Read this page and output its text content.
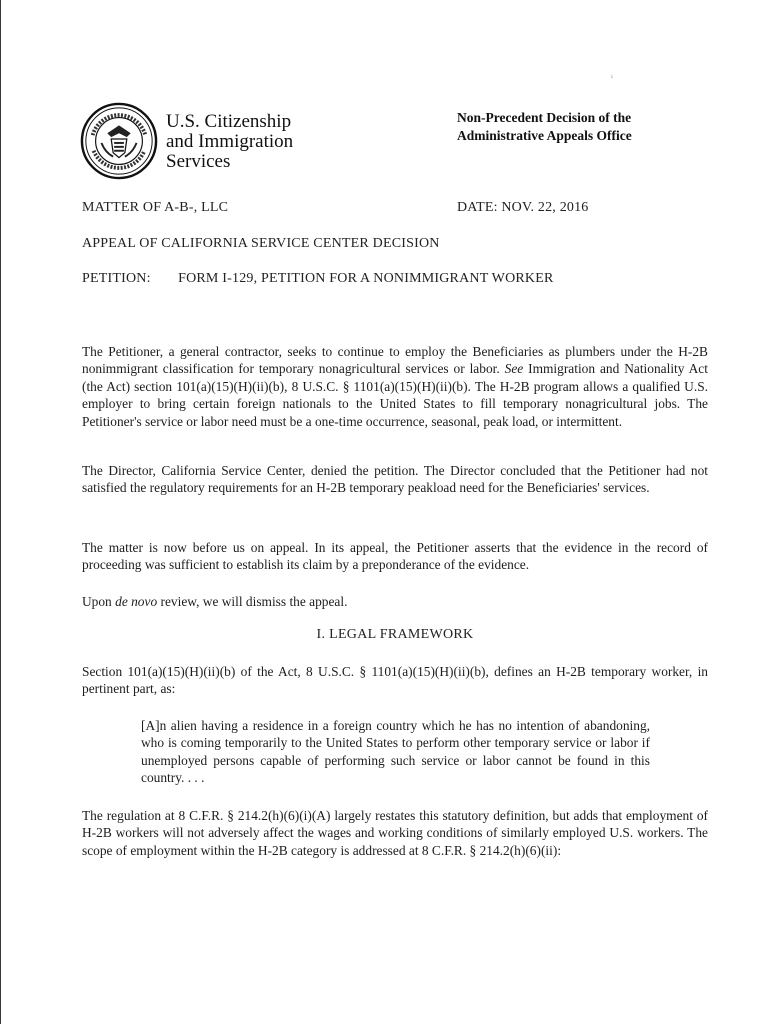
ⁱ
U.S. Citizenship
and Immigration
Services
Non-Precedent Decision of the
Administrative Appeals Office
MATTER OF A-B-, LLC	DATE: NOV. 22, 2016
APPEAL OF CALIFORNIA SERVICE CENTER DECISION
PETITION: FORM I-129, PETITION FOR A NONIMMIGRANT WORKER

The Petitioner, a general contractor, seeks to continue to employ the Beneficiaries as plumbers under the H-2B nonimmigrant classification for temporary nonagricultural services or labor. See Immigration and Nationality Act (the Act) section 101(a)(15)(H)(ii)(b), 8 U.S.C. § 1101(a)(15)(H)(ii)(b). The H-2B program allows a qualified U.S. employer to bring certain foreign nationals to the United States to fill temporary nonagricultural jobs. The Petitioner's service or labor need must be a one-time occurrence, seasonal, peak load, or intermittent.

The Director, California Service Center, denied the petition. The Director concluded that the Petitioner had not satisfied the regulatory requirements for an H-2B temporary peakload need for the Beneficiaries' services.

The matter is now before us on appeal. In its appeal, the Petitioner asserts that the evidence in the record of proceeding was sufficient to establish its claim by a preponderance of the evidence.

Upon de novo review, we will dismiss the appeal.

I. LEGAL FRAMEWORK

Section 101(a)(15)(H)(ii)(b) of the Act, 8 U.S.C. § 1101(a)(15)(H)(ii)(b), defines an H-2B temporary worker, in pertinent part, as:

[A]n alien having a residence in a foreign country which he has no intention of abandoning, who is coming temporarily to the United States to perform other temporary service or labor if unemployed persons capable of performing such service or labor cannot be found in this country. . . .

The regulation at 8 C.F.R. § 214.2(h)(6)(i)(A) largely restates this statutory definition, but adds that employment of H-2B workers will not adversely affect the wages and working conditions of similarly employed U.S. workers. The scope of employment within the H-2B category is addressed at 8 C.F.R. § 214.2(h)(6)(ii):
